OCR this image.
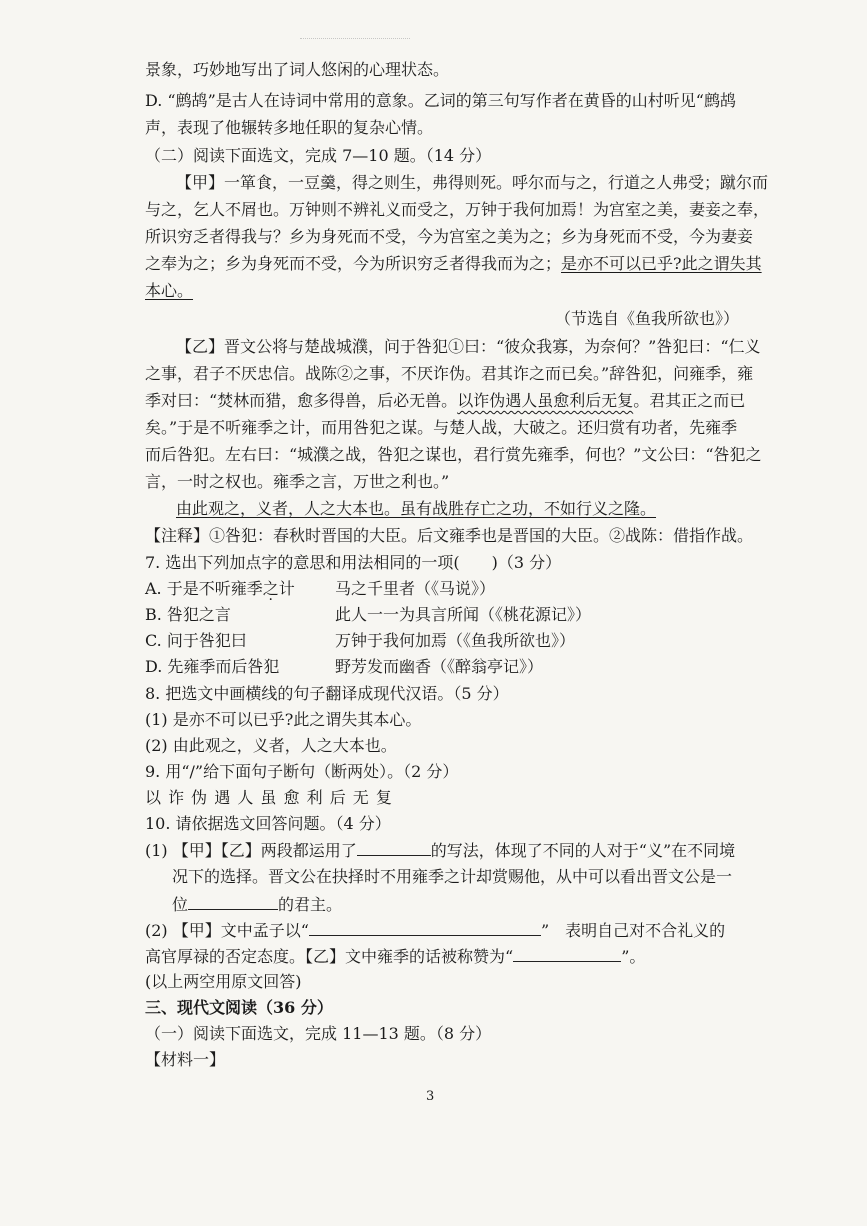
景象，巧妙地写出了词人悠闲的心理状态。
D. “鹧鸪”是古人在诗词中常用的意象。乙词的第三句写作者在黄昏的山村听见“鹧鸪
声，表现了他辗转多地任职的复杂心情。
（二）阅读下面选文，完成 7—10 题。（14 分）
【甲】一箪食，一豆羹，得之则生，弗得则死。呼尔而与之，行道之人弗受；蹴尔而
与之，乞人不屑也。万钟则不辨礼义而受之，万钟于我何加焉！为宫室之美，妻妾之奉，
所识穷乏者得我与？乡为身死而不受，今为宫室之美为之；乡为身死而不受，今为妻妾
之奉为之；乡为身死而不受，今为所识穷乏者得我而为之；是亦不可以已乎?此之谓失其
本心。
（节选自《鱼我所欲也》）
【乙】晋文公将与楚战城濮，问于咎犯①曰：“彼众我寡，为奈何？”咎犯曰：“仁义
之事，君子不厌忠信。战陈②之事，不厌诈伪。君其诈之而已矣。”辞咎犯，问雍季，雍
季对曰：“焚林而猎，愈多得兽，后必无兽。以诈伪遇人虽愈利后无复。君其正之而已
矣。”于是不听雍季之计，而用咎犯之谋。与楚人战，大破之。还归赏有功者，先雍季
而后咎犯。左右曰：“城濮之战，咎犯之谋也，君行赏先雍季，何也？”文公曰：“咎犯之
言，一时之权也。雍季之言，万世之利也。”
由此观之，义者，人之大本也。虽有战胜存亡之功，不如行义之隆。
【注释】①咎犯：春秋时晋国的大臣。后文雍季也是晋国的大臣。②战陈：借指作战。
7. 选出下列加点字的意思和用法相同的一项(　　)（3 分）
A. 于是不听雍季之计	马之千里者（《马说》）
B. 咎犯之言	此人一一为具言所闻（《桃花源记》）
C. 问于咎犯曰	万钟于我何加焉（《鱼我所欲也》）
D. 先雍季而后咎犯	野芳发而幽香（《醉翁亭记》）
8. 把选文中画横线的句子翻译成现代汉语。（5 分）
(1) 是亦不可以已乎?此之谓失其本心。
(2) 由此观之，义者，人之大本也。
9. 用“/”给下面句子断句（断两处）。（2 分）
以 诈 伪 遇 人 虽 愈 利 后 无 复
10. 请依据选文回答问题。（4 分）
(1) 【甲】【乙】两段都运用了	的写法，体现了不同的人对于“义”在不同境
况下的选择。晋文公在抉择时不用雍季之计却赏赐他，从中可以看出晋文公是一
位	的君主。
(2) 【甲】文中孟子以“	”　表明自己对不合礼义的
高官厚禄的否定态度。【乙】文中雍季的话被称赞为“	”。
(以上两空用原文回答)
三、现代文阅读（36 分）
（一）阅读下面选文，完成 11—13 题。（8 分）
【材料一】
3
